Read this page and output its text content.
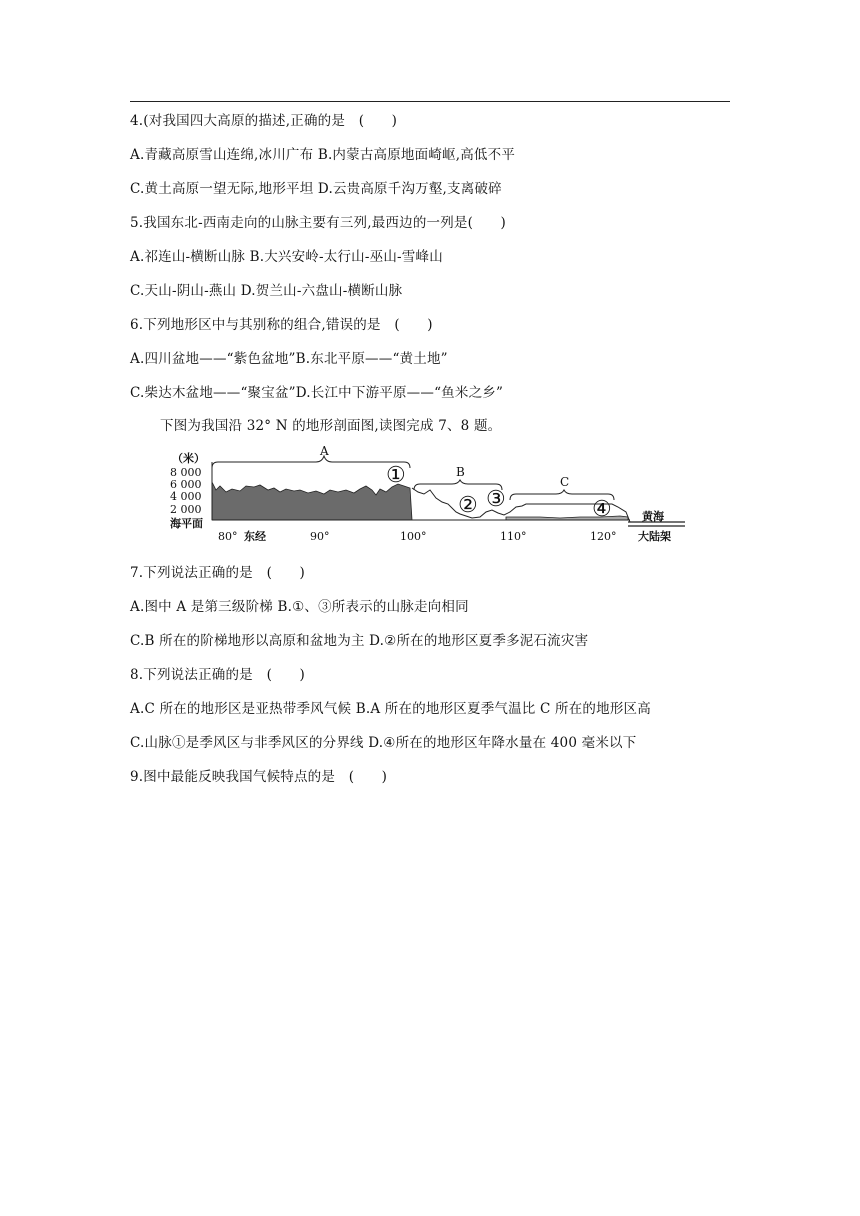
4.(对我国四大高原的描述,正确的是　(　　)
A.青藏高原雪山连绵,冰川广布 B.内蒙古高原地面崎岖,高低不平
C.黄土高原一望无际,地形平坦 D.云贵高原千沟万壑,支离破碎
5.我国东北-西南走向的山脉主要有三列,最西边的一列是(　　)
A.祁连山-横断山脉 B.大兴安岭-太行山-巫山-雪峰山
C.天山-阴山-燕山 D.贺兰山-六盘山-横断山脉
6.下列地形区中与其别称的组合,错误的是　(　　)
A.四川盆地——“紫色盆地”B.东北平原——“黄土地”
C.柴达木盆地——“聚宝盆”D.长江中下游平原——“鱼米之乡”
下图为我国沿 32° N 的地形剖面图,读图完成 7、8 题。
（米）
8 000
6 000
4 000
2 000
海平面
A
B
C
①
② ③	④	黄海
大陆架
80° 东经	90°	100°	110°	120°
7.下列说法正确的是　(　　)
A.图中 A 是第三级阶梯 B.①、③所表示的山脉走向相同
C.B 所在的阶梯地形以高原和盆地为主 D.②所在的地形区夏季多泥石流灾害
8.下列说法正确的是　(　　)
A.C 所在的地形区是亚热带季风气候 B.A 所在的地形区夏季气温比 C 所在的地形区高
C.山脉①是季风区与非季风区的分界线 D.④所在的地形区年降水量在 400 毫米以下
9.图中最能反映我国气候特点的是　(　　)
